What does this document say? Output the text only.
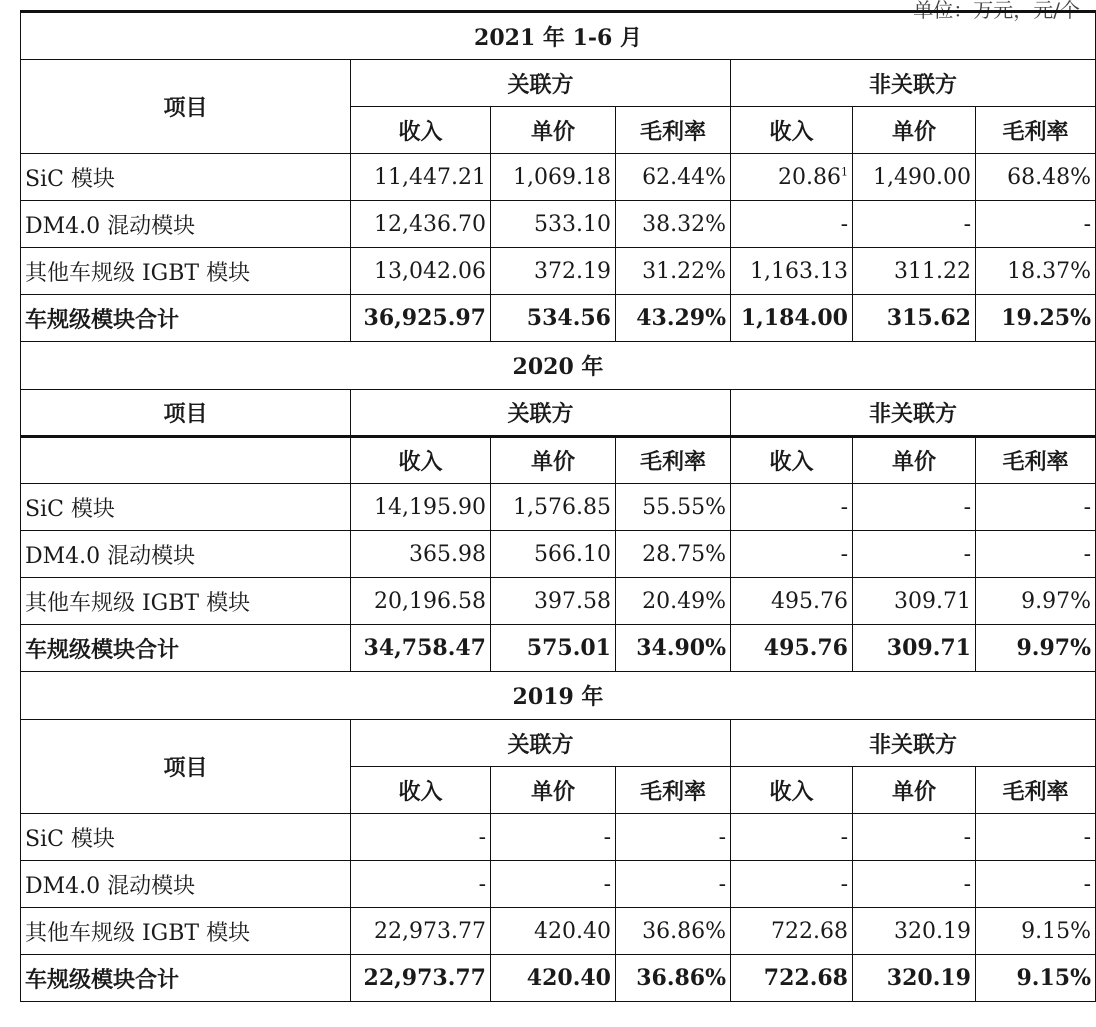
单位：万元，元/个
2021 年 1-6 月						
项目	关联方			非关联方		
	收入	单价	毛利率	收入	单价	毛利率
SiC 模块	11,447.21	1,069.18	62.44%	20.86$^1$	1,490.00	68.48%
DM4.0 混动模块	12,436.70	533.10	38.32%	-	-	-
其他车规级 IGBT 模块	13,042.06	372.19	31.22%	1,163.13	311.22	18.37%
车规级模块合计	36,925.97	534.56	43.29%	1,184.00	315.62	19.25%
2020 年						
项目	关联方			非关联方		
	收入	单价	毛利率	收入	单价	毛利率
SiC 模块	14,195.90	1,576.85	55.55%	-	-	-
DM4.0 混动模块	365.98	566.10	28.75%	-	-	-
其他车规级 IGBT 模块	20,196.58	397.58	20.49%	495.76	309.71	9.97%
车规级模块合计	34,758.47	575.01	34.90%	495.76	309.71	9.97%
2019 年						
项目	关联方			非关联方		
	收入	单价	毛利率	收入	单价	毛利率
SiC 模块	-	-	-	-	-	-
DM4.0 混动模块	-	-	-	-	-	-
其他车规级 IGBT 模块	22,973.77	420.40	36.86%	722.68	320.19	9.15%
车规级模块合计	22,973.77	420.40	36.86%	722.68	320.19	9.15%
